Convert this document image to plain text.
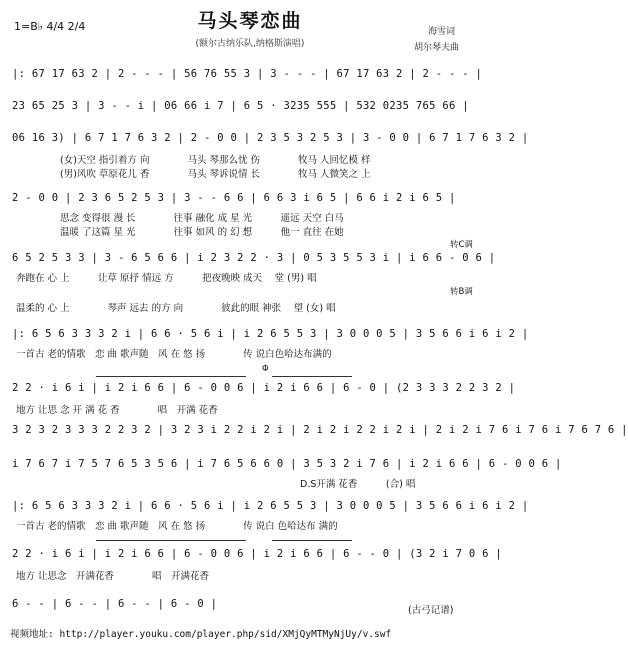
1=B♭ 4/4 2/4	马头琴恋曲
(额尔古纳乐队,纳格斯演唱)
海雪词
胡尔琴夫曲
|: 67 17 63 2 | 2 - - - | 56 76 55 3 | 3 - - - | 67 17 63 2 | 2 - - - |
23 65 25 3 | 3 - - i | 06 66 i 7 | 6 5 · 3235 555 | 532 0235 765 66 |
06 16 3) | 6 7 1 7 6 3 2 | 2 - 0 0 | 2 3 5 3 2 5 3 | 3 - 0 0 | 6 7 1 7 6 3 2 |
(女)天空 指引着方 向　　　　马头 琴那么忧 伤　　　　牧马 人回忆模 样
(男)风吹 草原花儿 香　　　　马头 琴诉说情 长　　　　牧马 人微笑之 上
2 - 0 0 | 2 3 6 5 2 5 3 | 3 - - 6 6 | 6 6 3 i 6 5 | 6 6 i 2 i 6 5 |
思念 变得很 漫 长　　　　往事 融化 成 星 光　　　遥远 天空 白马
温暖 了这篇 星 光　　　　往事 如风 的 幻 想　　　他一 直往 在她
转C调
6 5 2 5 3 3 | 3 - 6 5 6 6 | i 2 3 2 2 · 3 | 0 5 3 5 5 3 i | i 6 6 - 0 6 |
奔跑在 心 上　　　让草 原抒 情远 方　　　把夜晚映 成天　 堂 (男) 唱
转B调
温柔的 心 上　　　　琴声 远去 的方 向　　　　彼此的眼 神张　 望 (女) 唱
|: 6 5 6 3 3 3 2 i | 6 6 · 5 6 i | i 2 6 5 5 3 | 3 0 0 0 5 | 3 5 6 6 i 6 i 2 |
一首古 老的情歌　恋 曲 歌声随　风 在 悠 扬　　　　传 说白色哈达布满的
Φ
2 2 · i 6 i | i 2 i 6 6 | 6 - 0 0 6 | i 2 i 6 6 | 6 - 0 | (2 3 3 3 2 2 3 2 |
地方 让思 念 开 满 花 香　　　　唱　开满 花香
3 2 3 2 3 3 3 2 2 3 2 | 3 2 3 i 2 2 i 2 i | 2 i 2 i 2 2 i 2 i | 2 i 2 i 7 6 i 7 6 i 7 6 7 6 |
i 7 6 7 i 7 5 7 6 5 3 5 6 | i 7 6 5 6 6 0 | 3 5 3 2 i 7 6 | i 2 i 6 6 | 6 - 0 0 6 |
D.S开满 花香　　　(合) 唱
|: 6 5 6 3 3 3 2 i | 6 6 · 5 6 i | i 2 6 5 5 3 | 3 0 0 0 5 | 3 5 6 6 i 6 i 2 |
一首古 老的情歌　恋 曲 歌声随　风 在 悠 扬　　　　传 说白 色哈达布 满的
2 2 · i 6 i | i 2 i 6 6 | 6 - 0 0 6 | i 2 i 6 6 | 6 - - 0 | (3 2 i 7 0 6 |
地方 让思念　开满花香　　　　唱　开满花香
6 - - | 6 - - | 6 - - | 6 - 0 |
(古弓记谱)
视频地址: http://player.youku.com/player.php/sid/XMjQyMTMyNjUy/v.swf
